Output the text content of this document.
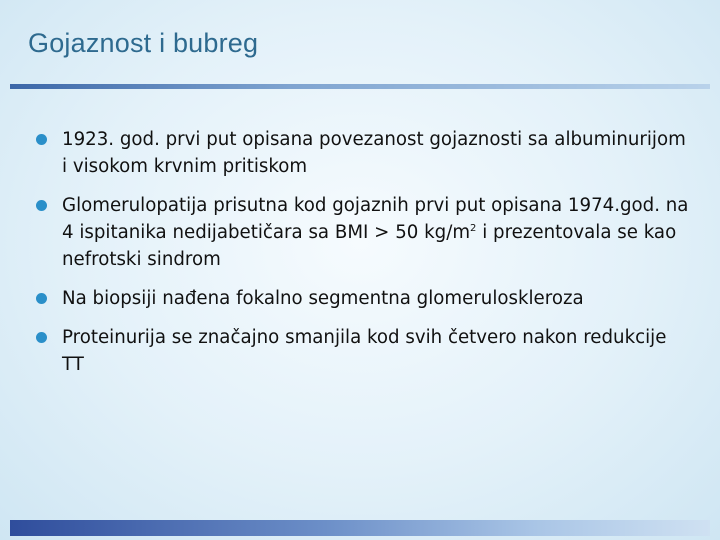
Gojaznost i bubreg
1923. god. prvi put opisana povezanost gojaznosti sa albuminurijom i visokom krvnim pritiskom
Glomerulopatija prisutna kod gojaznih prvi put opisana 1974.god. na 4 ispitanika nedijabetičara sa BMI > 50 $kg/m^2$ i prezentovala se kao nefrotski sindrom
Na biopsiji nađena fokalno segmentna glomeruloskleroza
Proteinurija se značajno smanjila kod svih četvero nakon redukcije TT
